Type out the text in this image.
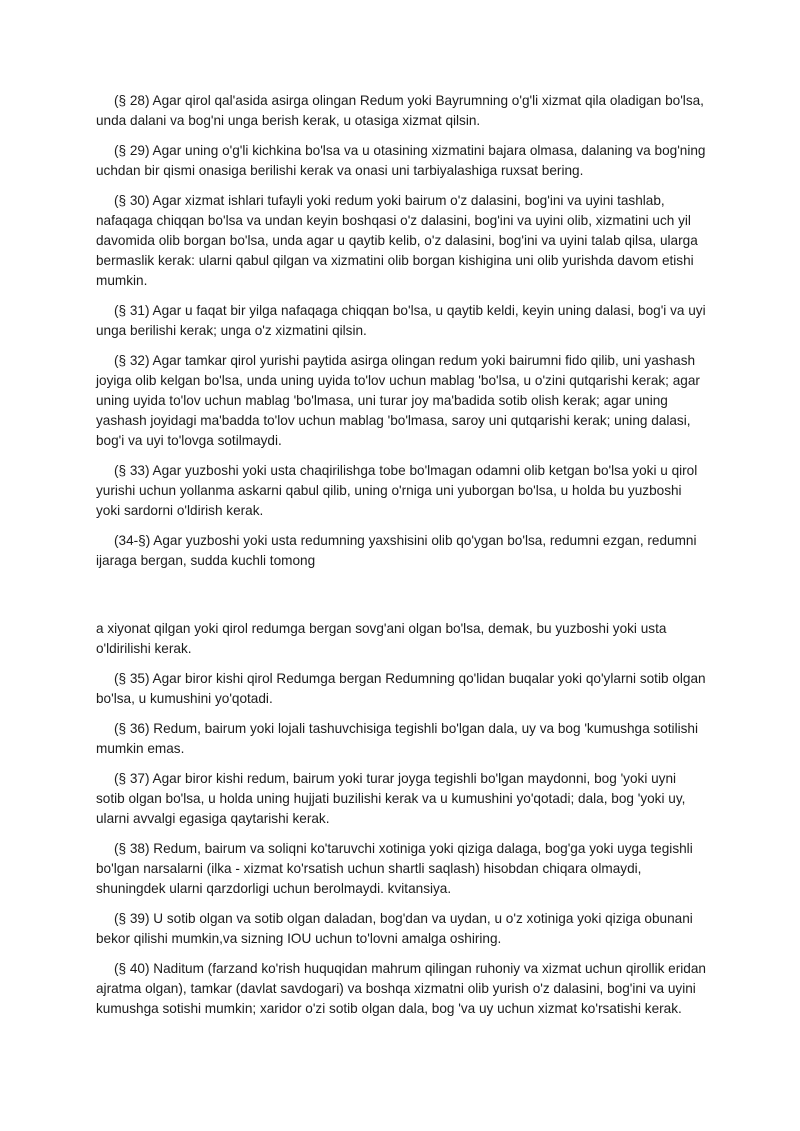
(§ 28) Agar qirol qal'asida asirga olingan Redum yoki Bayrumning o'g'li xizmat qila oladigan bo'lsa, unda dalani va bog'ni unga berish kerak, u otasiga xizmat qilsin.

(§ 29) Agar uning o'g'li kichkina bo'lsa va u otasining xizmatini bajara olmasa, dalaning va bog'ning uchdan bir qismi onasiga berilishi kerak va onasi uni tarbiyalashiga ruxsat bering.

(§ 30) Agar xizmat ishlari tufayli yoki redum yoki bairum o'z dalasini, bog'ini va uyini tashlab, nafaqaga chiqqan bo'lsa va undan keyin boshqasi o'z dalasini, bog'ini va uyini olib, xizmatini uch yil davomida olib borgan bo'lsa, unda agar u qaytib kelib, o'z dalasini, bog'ini va uyini talab qilsa, ularga bermaslik kerak: ularni qabul qilgan va xizmatini olib borgan kishigina uni olib yurishda davom etishi mumkin.

(§ 31) Agar u faqat bir yilga nafaqaga chiqqan bo'lsa, u qaytib keldi, keyin uning dalasi, bog'i va uyi unga berilishi kerak; unga o'z xizmatini qilsin.

(§ 32) Agar tamkar qirol yurishi paytida asirga olingan redum yoki bairumni fido qilib, uni yashash joyiga olib kelgan bo'lsa, unda uning uyida to'lov uchun mablag 'bo'lsa, u o'zini qutqarishi kerak; agar uning uyida to'lov uchun mablag 'bo'lmasa, uni turar joy ma'badida sotib olish kerak; agar uning yashash joyidagi ma'badda to'lov uchun mablag 'bo'lmasa, saroy uni qutqarishi kerak; uning dalasi, bog'i va uyi to'lovga sotilmaydi.

(§ 33) Agar yuzboshi yoki usta chaqirilishga tobe bo'lmagan odamni olib ketgan bo'lsa yoki u qirol yurishi uchun yollanma askarni qabul qilib, uning o'rniga uni yuborgan bo'lsa, u holda bu yuzboshi yoki sardorni o'ldirish kerak.

(34-§) Agar yuzboshi yoki usta redumning yaxshisini olib qo'ygan bo'lsa, redumni ezgan, redumni ijaraga bergan, sudda kuchli tomong

a xiyonat qilgan yoki qirol redumga bergan sovg'ani olgan bo'lsa, demak, bu yuzboshi yoki usta o'ldirilishi kerak.

(§ 35) Agar biror kishi qirol Redumga bergan Redumning qo'lidan buqalar yoki qo'ylarni sotib olgan bo'lsa, u kumushini yo'qotadi.

(§ 36) Redum, bairum yoki lojali tashuvchisiga tegishli bo'lgan dala, uy va bog 'kumushga sotilishi mumkin emas.

(§ 37) Agar biror kishi redum, bairum yoki turar joyga tegishli bo'lgan maydonni, bog 'yoki uyni sotib olgan bo'lsa, u holda uning hujjati buzilishi kerak va u kumushini yo'qotadi; dala, bog 'yoki uy, ularni avvalgi egasiga qaytarishi kerak.

(§ 38) Redum, bairum va soliqni ko'taruvchi xotiniga yoki qiziga dalaga, bog'ga yoki uyga tegishli bo'lgan narsalarni (ilka - xizmat ko'rsatish uchun shartli saqlash) hisobdan chiqara olmaydi, shuningdek ularni qarzdorligi uchun berolmaydi. kvitansiya.

(§ 39) U sotib olgan va sotib olgan daladan, bog'dan va uydan, u o'z xotiniga yoki qiziga obunani bekor qilishi mumkin,va sizning IOU uchun to'lovni amalga oshiring.

(§ 40) Naditum (farzand ko'rish huquqidan mahrum qilingan ruhoniy va xizmat uchun qirollik eridan ajratma olgan), tamkar (davlat savdogari) va boshqa xizmatni olib yurish o'z dalasini, bog'ini va uyini kumushga sotishi mumkin; xaridor o'zi sotib olgan dala, bog 'va uy uchun xizmat ko'rsatishi kerak.
